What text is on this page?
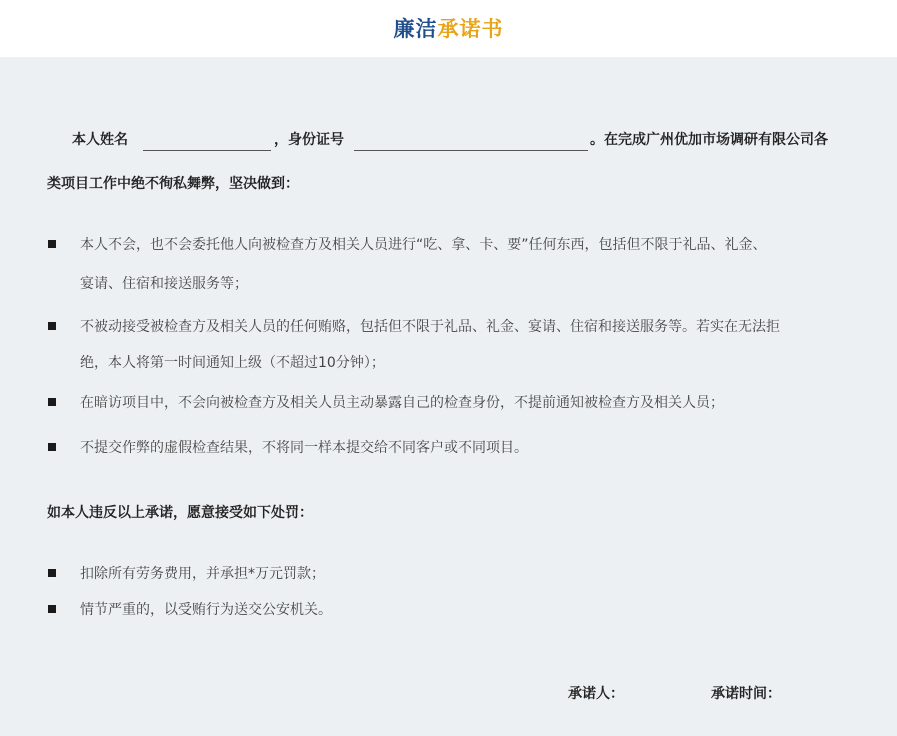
廉洁承诺书
本人姓名	，身份证号	。在完成广州优加市场调研有限公司各
类项目工作中绝不徇私舞弊，坚决做到：
本人不会，也不会委托他人向被检查方及相关人员进行“吃、拿、卡、要”任何东西，包括但不限于礼品、礼金、
宴请、住宿和接送服务等；
不被动接受被检查方及相关人员的任何贿赂，包括但不限于礼品、礼金、宴请、住宿和接送服务等。若实在无法拒
绝，本人将第一时间通知上级（不超过10分钟）；
在暗访项目中，不会向被检查方及相关人员主动暴露自己的检查身份，不提前通知被检查方及相关人员；
不提交作弊的虚假检查结果，不将同一样本提交给不同客户或不同项目。
如本人违反以上承诺，愿意接受如下处罚：
扣除所有劳务费用，并承担*万元罚款；
情节严重的，以受贿行为送交公安机关。
承诺人：	承诺时间：
